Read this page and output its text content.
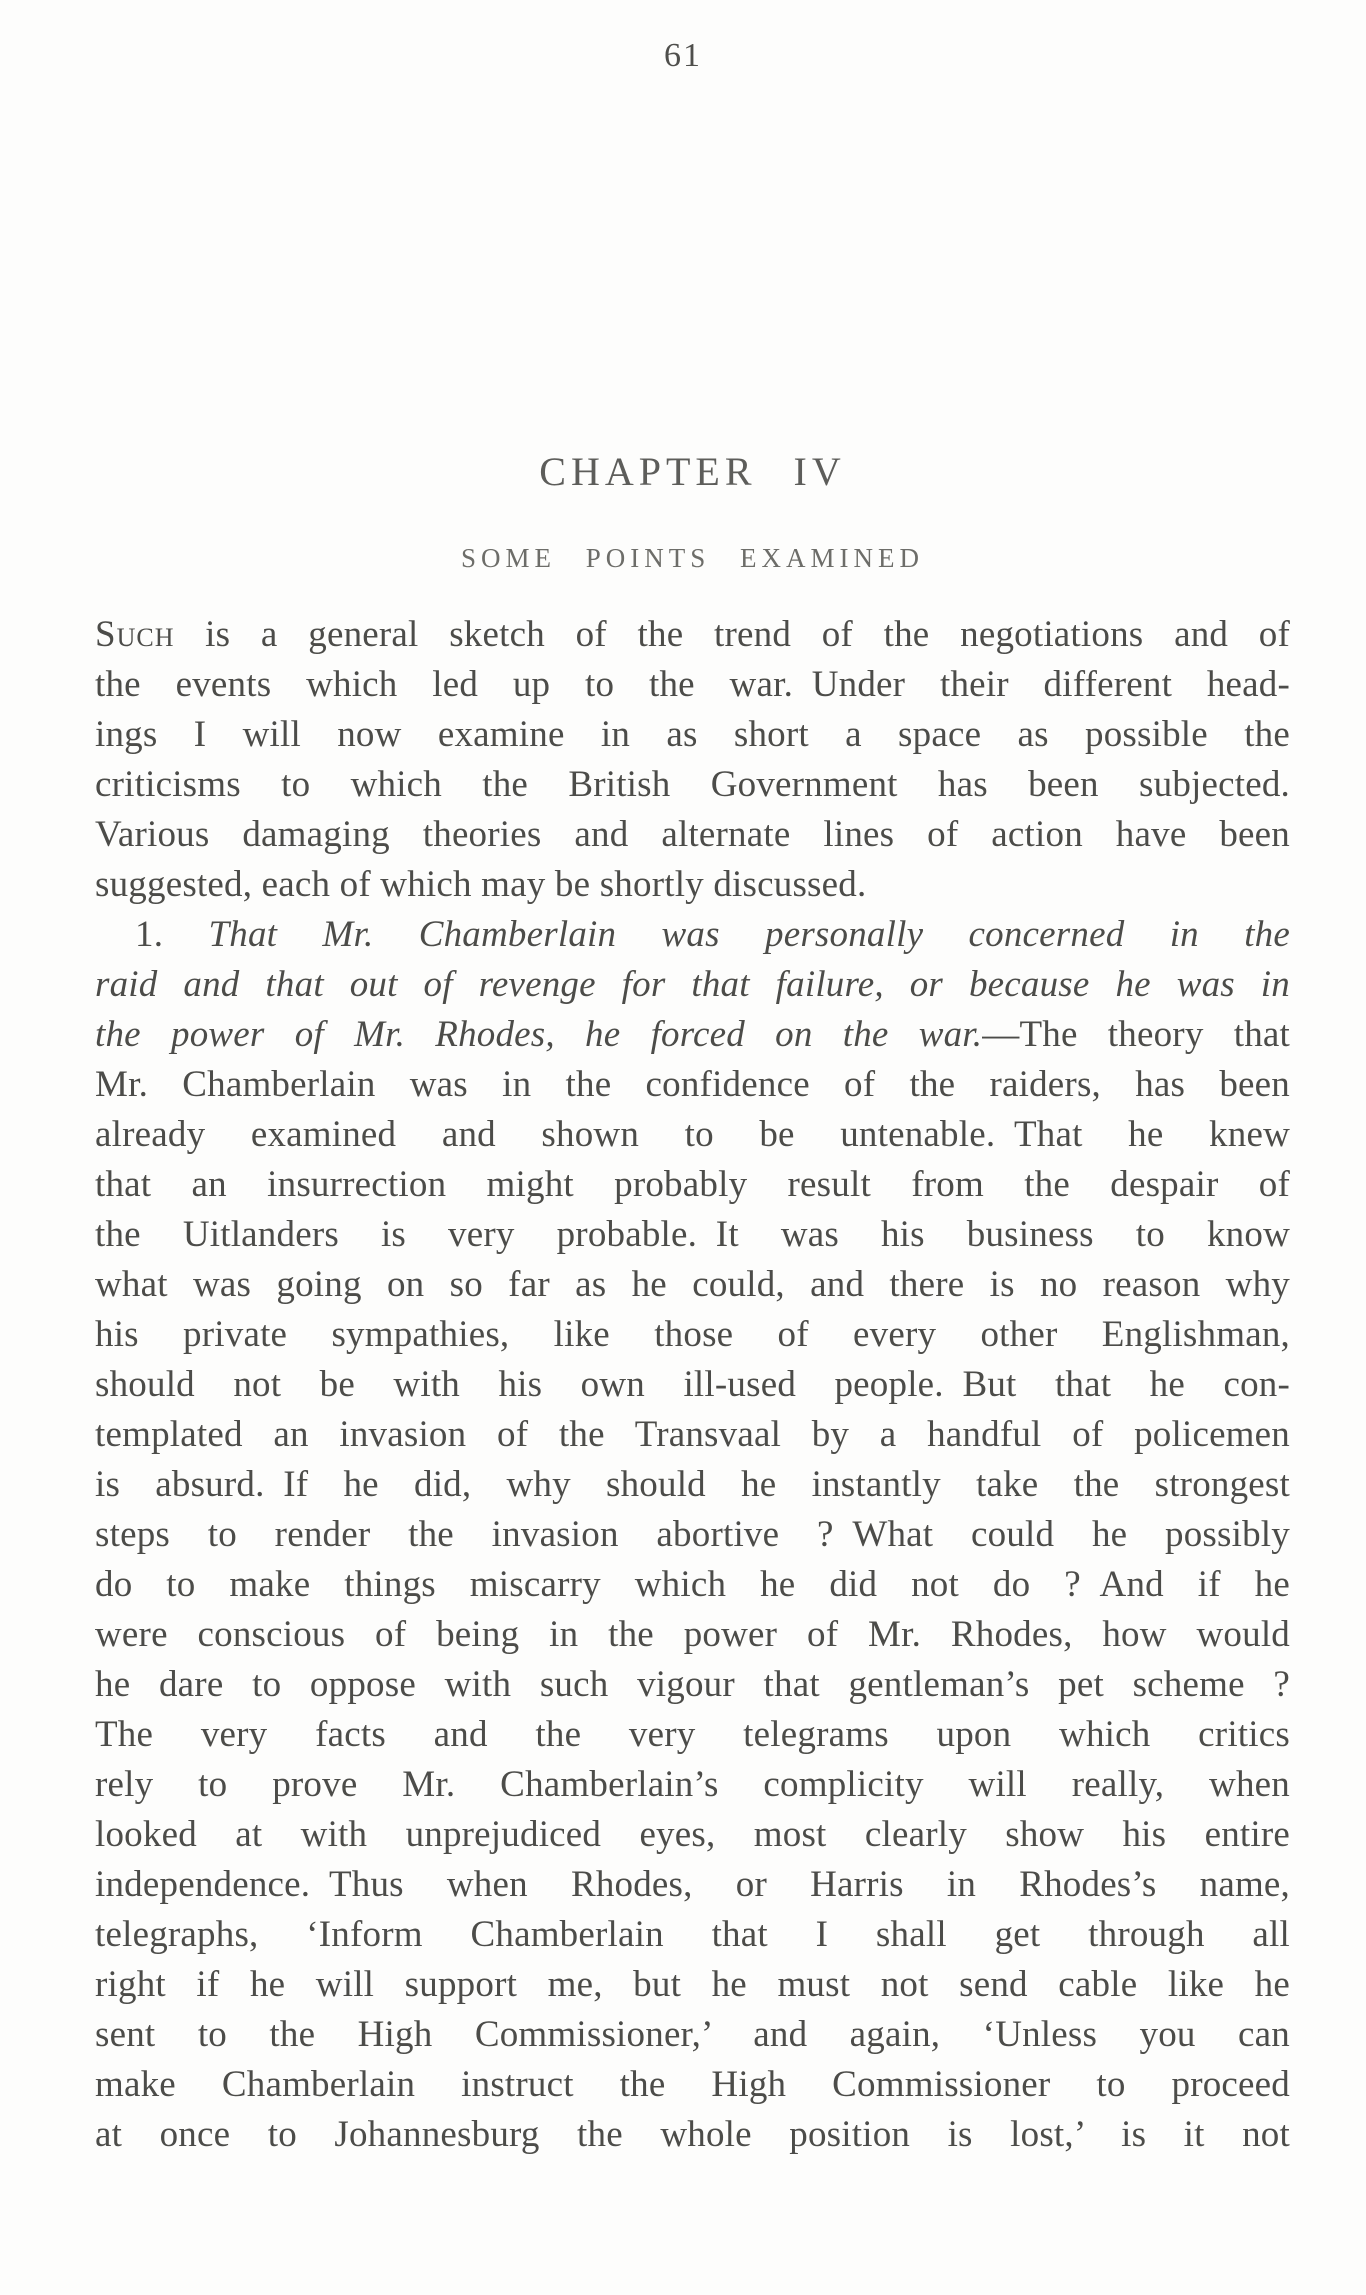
61
CHAPTER IV
SOME POINTS EXAMINED
Such is a general sketch of the trend of the negotiations and of
the events which led up to the war. Under their different head-
ings I will now examine in as short a space as possible the
criticisms to which the British Government has been subjected.
Various damaging theories and alternate lines of action have been
suggested, each of which may be shortly discussed.
1. That Mr. Chamberlain was personally concerned in the
raid and that out of revenge for that failure, or because he was in
the power of Mr. Rhodes, he forced on the war.—The theory that
Mr. Chamberlain was in the confidence of the raiders, has been
already examined and shown to be untenable. That he knew
that an insurrection might probably result from the despair of
the Uitlanders is very probable. It was his business to know
what was going on so far as he could, and there is no reason why
his private sympathies, like those of every other Englishman,
should not be with his own ill-used people. But that he con-
templated an invasion of the Transvaal by a handful of policemen
is absurd. If he did, why should he instantly take the strongest
steps to render the invasion abortive ? What could he possibly
do to make things miscarry which he did not do ? And if he
were conscious of being in the power of Mr. Rhodes, how would
he dare to oppose with such vigour that gentleman’s pet scheme ?
The very facts and the very telegrams upon which critics
rely to prove Mr. Chamberlain’s complicity will really, when
looked at with unprejudiced eyes, most clearly show his entire
independence. Thus when Rhodes, or Harris in Rhodes’s name,
telegraphs, ‘Inform Chamberlain that I shall get through all
right if he will support me, but he must not send cable like he
sent to the High Commissioner,’ and again, ‘Unless you can
make Chamberlain instruct the High Commissioner to proceed
at once to Johannesburg the whole position is lost,’ is it not
